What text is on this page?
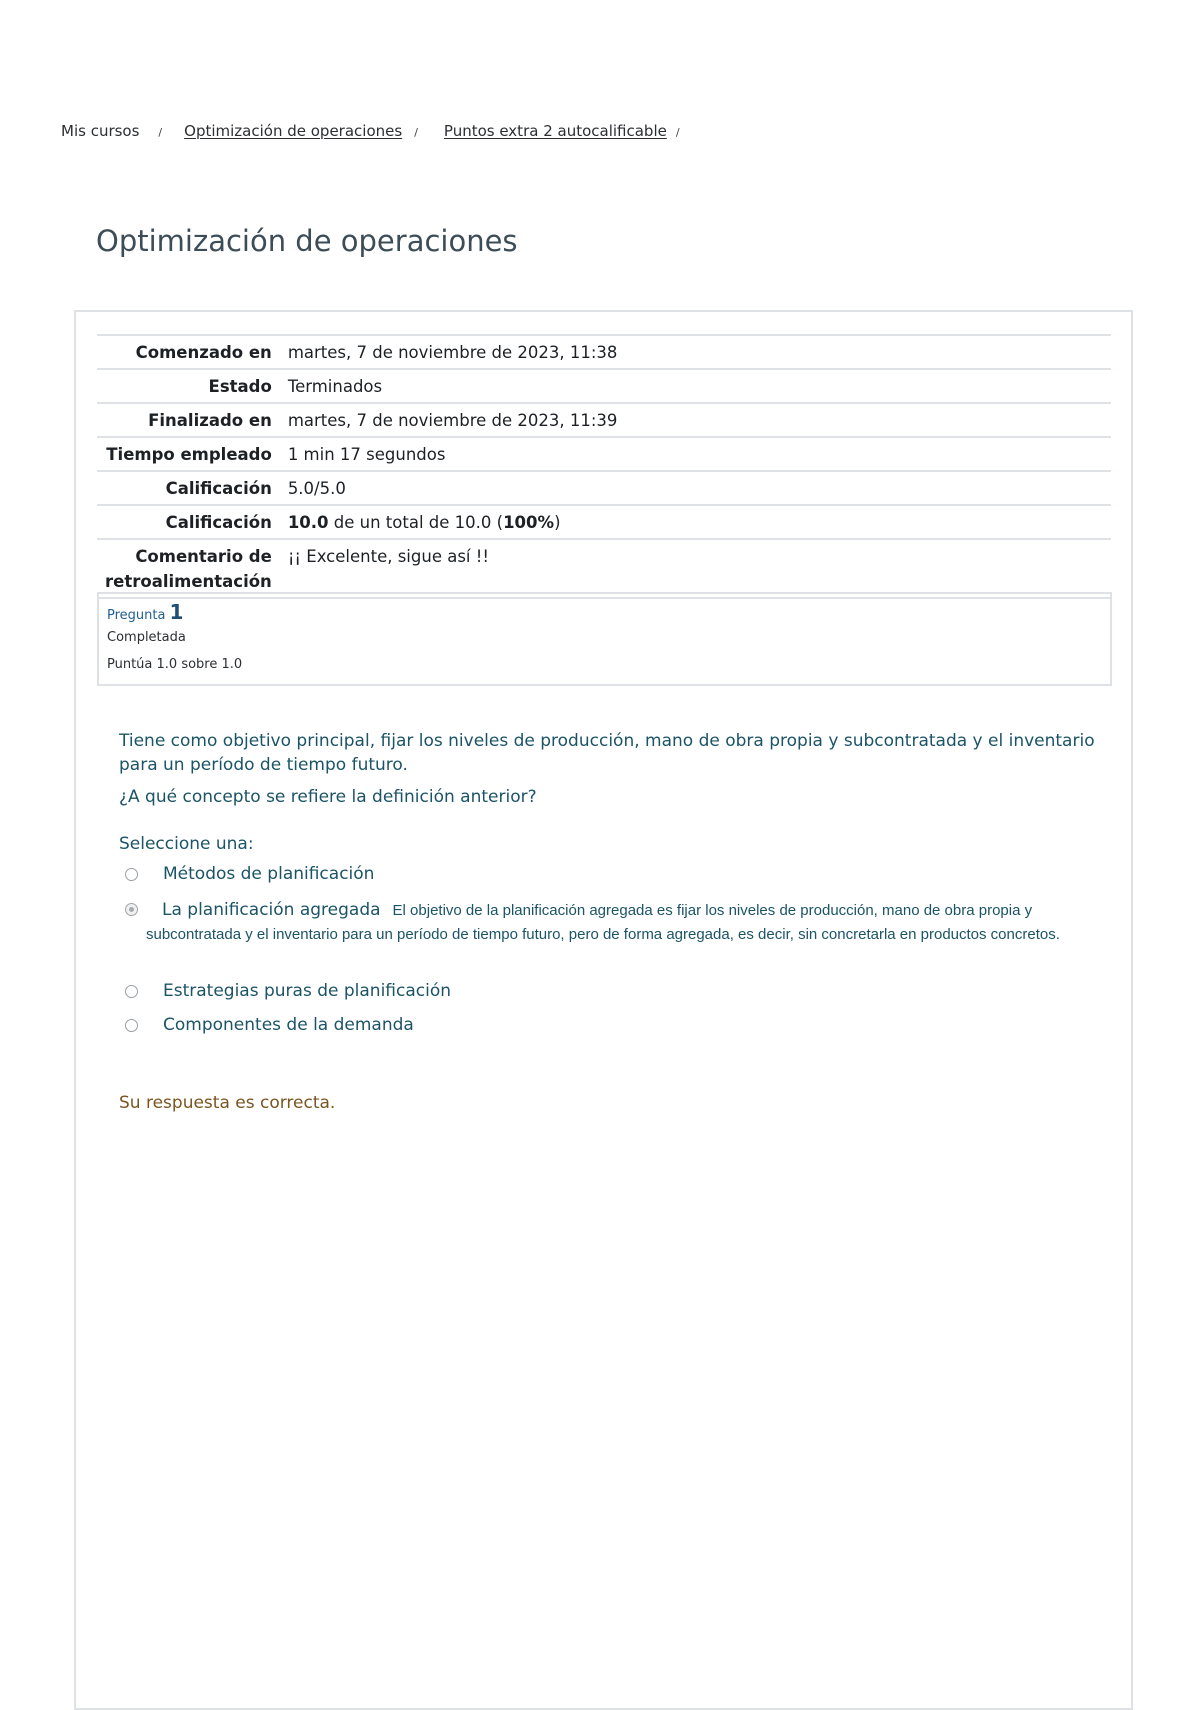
Mis cursos / Optimización de operaciones / Puntos extra 2 autocalificable /
Optimización de operaciones
Comenzado en	martes, 7 de noviembre de 2023, 11:38
Estado	Terminados
Finalizado en	martes, 7 de noviembre de 2023, 11:39
Tiempo empleado	1 min 17 segundos
Calificación	5.0/5.0
Calificación	10.0 de un total de 10.0 (100%)
Comentario de retroalimentación	¡¡ Excelente, sigue así !!
Pregunta 1
Completada
Puntúa 1.0 sobre 1.0

Tiene como objetivo principal, fijar los niveles de producción, mano de obra propia y subcontratada y el inventario para un período de tiempo futuro.

¿A qué concepto se refiere la definición anterior?

Seleccione una:
Métodos de planificación
La planificación agregada El objetivo de la planificación agregada es fijar los niveles de producción, mano de obra propia y subcontratada y el inventario para un período de tiempo futuro, pero de forma agregada, es decir, sin concretarla en productos concretos.
Estrategias puras de planificación
Componentes de la demanda
Su respuesta es correcta.
